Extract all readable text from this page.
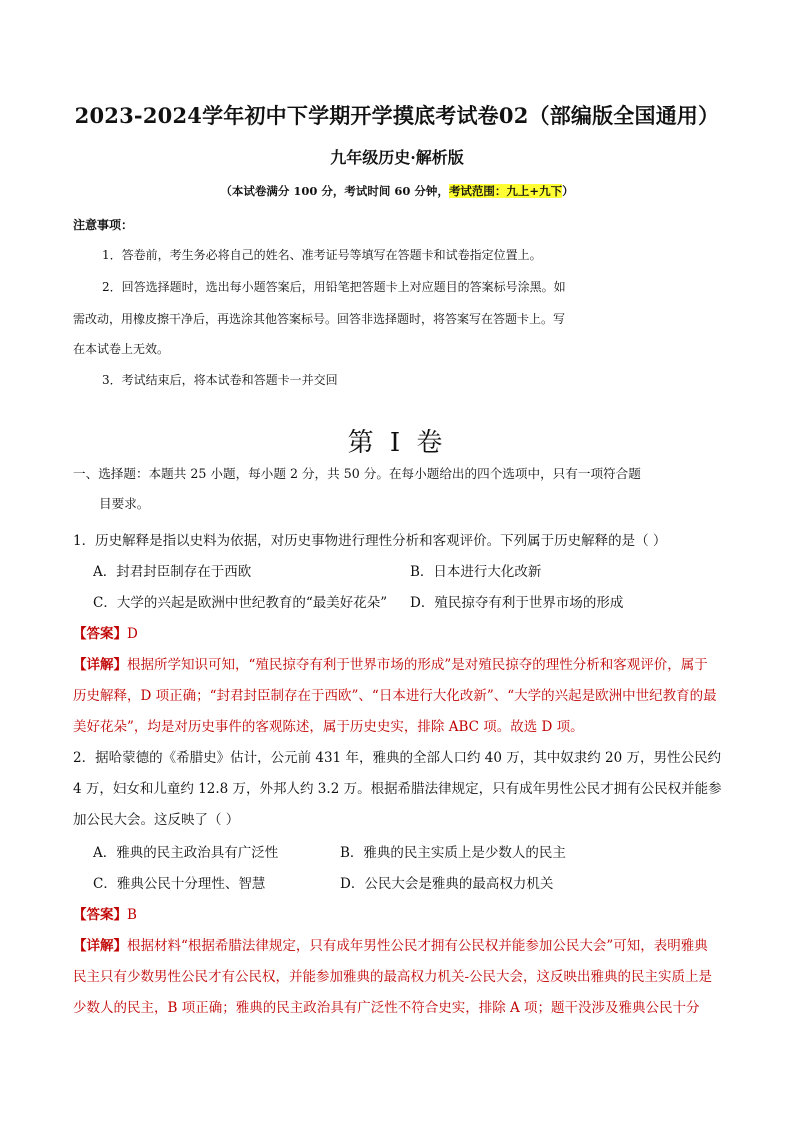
2023-2024学年初中下学期开学摸底考试卷02（部编版全国通用）
九年级历史·解析版
（本试卷满分 100 分，考试时间 60 分钟，考试范围：九上+九下）
注意事项：
1．答卷前，考生务必将自己的姓名、准考证号等填写在答题卡和试卷指定位置上。
2．回答选择题时，选出每小题答案后，用铅笔把答题卡上对应题目的答案标号涂黑。如
需改动，用橡皮擦干净后，再选涂其他答案标号。回答非选择题时，将答案写在答题卡上。写
在本试卷上无效。
3．考试结束后，将本试卷和答题卡一并交回
第 I 卷
一、选择题：本题共 25 小题，每小题 2 分，共 50 分。在每小题给出的四个选项中，只有一项符合题
目要求。
1．历史解释是指以史料为依据，对历史事物进行理性分析和客观评价。下列属于历史解释的是（ ）
A．封君封臣制存在于西欧	B．日本进行大化改新
C．大学的兴起是欧洲中世纪教育的“最美好花朵” D．殖民掠夺有利于世界市场的形成
【答案】D
【详解】根据所学知识可知，“殖民掠夺有利于世界市场的形成”是对殖民掠夺的理性分析和客观评价，属于
历史解释，D 项正确；“封君封臣制存在于西欧”、“日本进行大化改新”、“大学的兴起是欧洲中世纪教育的最
美好花朵”，均是对历史事件的客观陈述，属于历史史实，排除 ABC 项。故选 D 项。
2．据哈蒙德的《希腊史》估计，公元前 431 年，雅典的全部人口约 40 万，其中奴隶约 20 万，男性公民约
4 万，妇女和儿童约 12.8 万，外邦人约 3.2 万。根据希腊法律规定，只有成年男性公民才拥有公民权并能参
加公民大会。这反映了（ ）
A．雅典的民主政治具有广泛性	B．雅典的民主实质上是少数人的民主
C．雅典公民十分理性、智慧	D．公民大会是雅典的最高权力机关
【答案】B
【详解】根据材料“根据希腊法律规定，只有成年男性公民才拥有公民权并能参加公民大会”可知，表明雅典
民主只有少数男性公民才有公民权，并能参加雅典的最高权力机关-公民大会，这反映出雅典的民主实质上是
少数人的民主，B 项正确；雅典的民主政治具有广泛性不符合史实，排除 A 项；题干没涉及雅典公民十分
